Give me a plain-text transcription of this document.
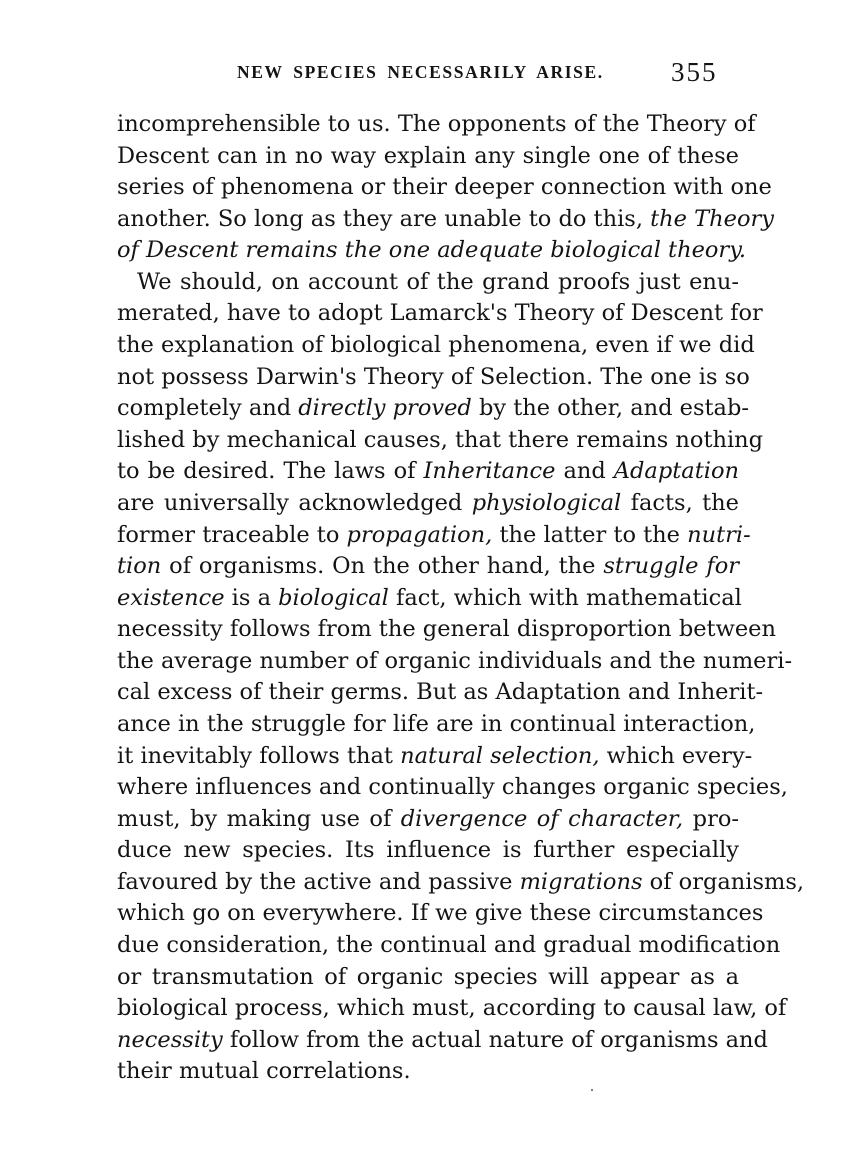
NEW SPECIES NECESSARILY ARISE. 355
incomprehensible to us. The opponents of the Theory of
Descent can in no way explain any single one of these
series of phenomena or their deeper connection with one
another. So long as they are unable to do this, the Theory
of Descent remains the one adequate biological theory.
We should, on account of the grand proofs just enu-
merated, have to adopt Lamarck's Theory of Descent for
the explanation of biological phenomena, even if we did
not possess Darwin's Theory of Selection. The one is so
completely and directly proved by the other, and estab-
lished by mechanical causes, that there remains nothing
to be desired. The laws of Inheritance and Adaptation
are universally acknowledged physiological facts, the
former traceable to propagation, the latter to the nutri-
tion of organisms. On the other hand, the struggle for
existence is a biological fact, which with mathematical
necessity follows from the general disproportion between
the average number of organic individuals and the numeri-
cal excess of their germs. But as Adaptation and Inherit-
ance in the struggle for life are in continual interaction,
it inevitably follows that natural selection, which every-
where influences and continually changes organic species,
must, by making use of divergence of character, pro-
duce new species. Its influence is further especially
favoured by the active and passive migrations of organisms,
which go on everywhere. If we give these circumstances
due consideration, the continual and gradual modification
or transmutation of organic species will appear as a
biological process, which must, according to causal law, of
necessity follow from the actual nature of organisms and
their mutual correlations.
